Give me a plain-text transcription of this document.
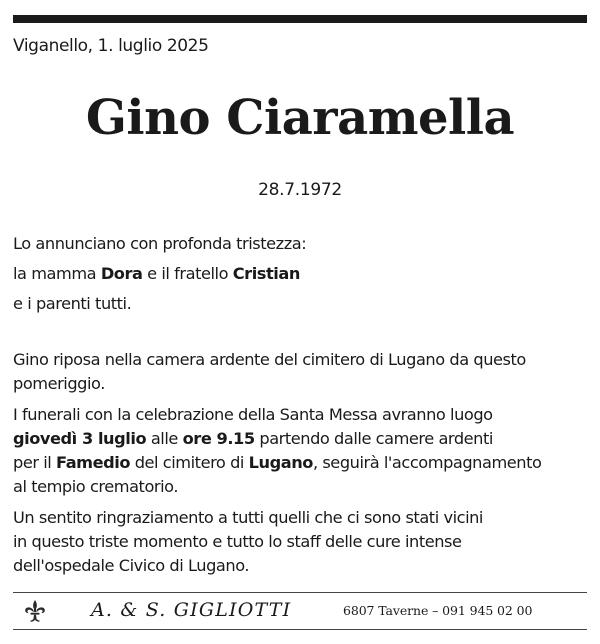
Viganello, 1. luglio 2025
Gino Ciaramella
28.7.1972

Lo annunciano con profonda tristezza:

la mamma Dora e il fratello Cristian

e i parenti tutti.

Gino riposa nella camera ardente del cimitero di Lugano da questo

pomeriggio.

I funerali con la celebrazione della Santa Messa avranno luogo

giovedì 3 luglio alle ore 9.15 partendo dalle camere ardenti

per il Famedio del cimitero di Lugano, seguirà l'accompagnamento

al tempio crematorio.

Un sentito ringraziamento a tutti quelli che ci sono stati vicini

in questo triste momento e tutto lo staff delle cure intense

dell'ospedale Civico di Lugano.

A. & S. GIGLIOTTI	6807 Taverne – 091 945 02 00
